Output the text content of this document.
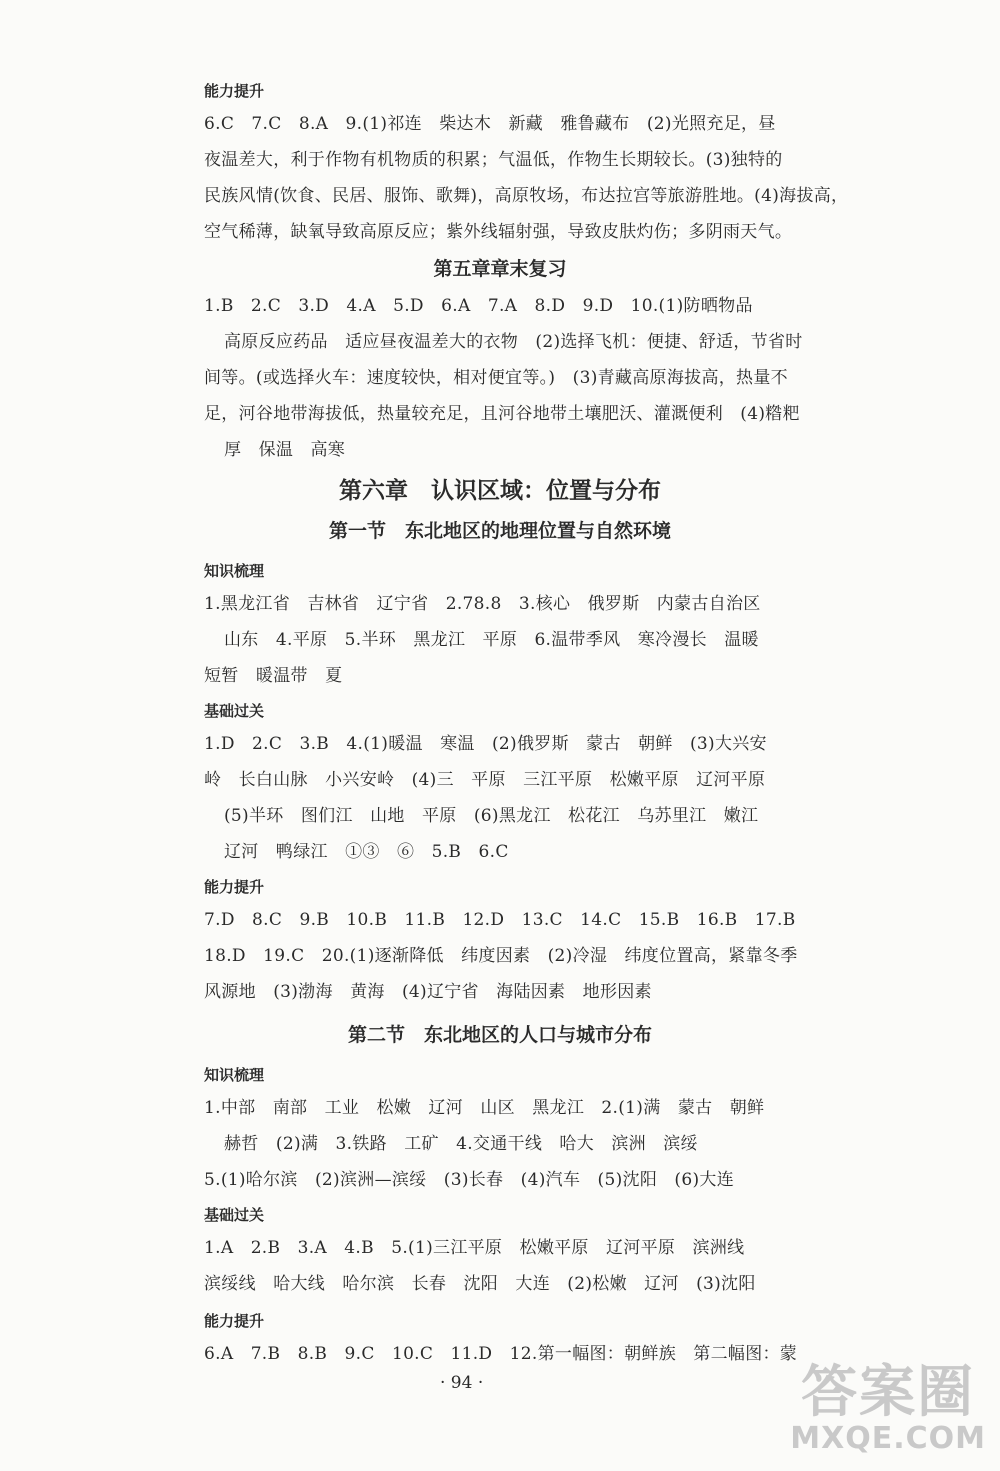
能力提升
6.C　7.C　8.A　9.(1)祁连　柴达木　新藏　雅鲁藏布　(2)光照充足，昼
夜温差大，利于作物有机物质的积累；气温低，作物生长期较长。(3)独特的
民族风情(饮食、民居、服饰、歌舞)，高原牧场，布达拉宫等旅游胜地。(4)海拔高，
空气稀薄，缺氧导致高原反应；紫外线辐射强，导致皮肤灼伤；多阴雨天气。
第五章章末复习
1.B　2.C　3.D　4.A　5.D　6.A　7.A　8.D　9.D　10.(1)防晒物品
高原反应药品　适应昼夜温差大的衣物　(2)选择飞机：便捷、舒适，节省时
间等。(或选择火车：速度较快，相对便宜等。)　(3)青藏高原海拔高，热量不
足，河谷地带海拔低，热量较充足，且河谷地带土壤肥沃、灌溉便利　(4)糌粑
厚　保温　高寒
第六章　认识区域：位置与分布
第一节　东北地区的地理位置与自然环境
知识梳理
1.黑龙江省　吉林省　辽宁省　2.78.8　3.核心　俄罗斯　内蒙古自治区
山东　4.平原　5.半环　黑龙江　平原　6.温带季风　寒冷漫长　温暖
短暂　暖温带　夏
基础过关
1.D　2.C　3.B　4.(1)暖温　寒温　(2)俄罗斯　蒙古　朝鲜　(3)大兴安
岭　长白山脉　小兴安岭　(4)三　平原　三江平原　松嫩平原　辽河平原
(5)半环　图们江　山地　平原　(6)黑龙江　松花江　乌苏里江　嫩江
辽河　鸭绿江　①③　⑥　5.B　6.C
能力提升
7.D　8.C　9.B　10.B　11.B　12.D　13.C　14.C　15.B　16.B　17.B
18.D　19.C　20.(1)逐渐降低　纬度因素　(2)冷湿　纬度位置高，紧靠冬季
风源地　(3)渤海　黄海　(4)辽宁省　海陆因素　地形因素
第二节　东北地区的人口与城市分布
知识梳理
1.中部　南部　工业　松嫩　辽河　山区　黑龙江　2.(1)满　蒙古　朝鲜
赫哲　(2)满　3.铁路　工矿　4.交通干线　哈大　滨洲　滨绥
5.(1)哈尔滨　(2)滨洲—滨绥　(3)长春　(4)汽车　(5)沈阳　(6)大连
基础过关
1.A　2.B　3.A　4.B　5.(1)三江平原　松嫩平原　辽河平原　滨洲线
滨绥线　哈大线　哈尔滨　长春　沈阳　大连　(2)松嫩　辽河　(3)沈阳
能力提升
6.A　7.B　8.B　9.C　10.C　11.D　12.第一幅图：朝鲜族　第二幅图：蒙
· 94 ·	答案圈
MXQE.COM
